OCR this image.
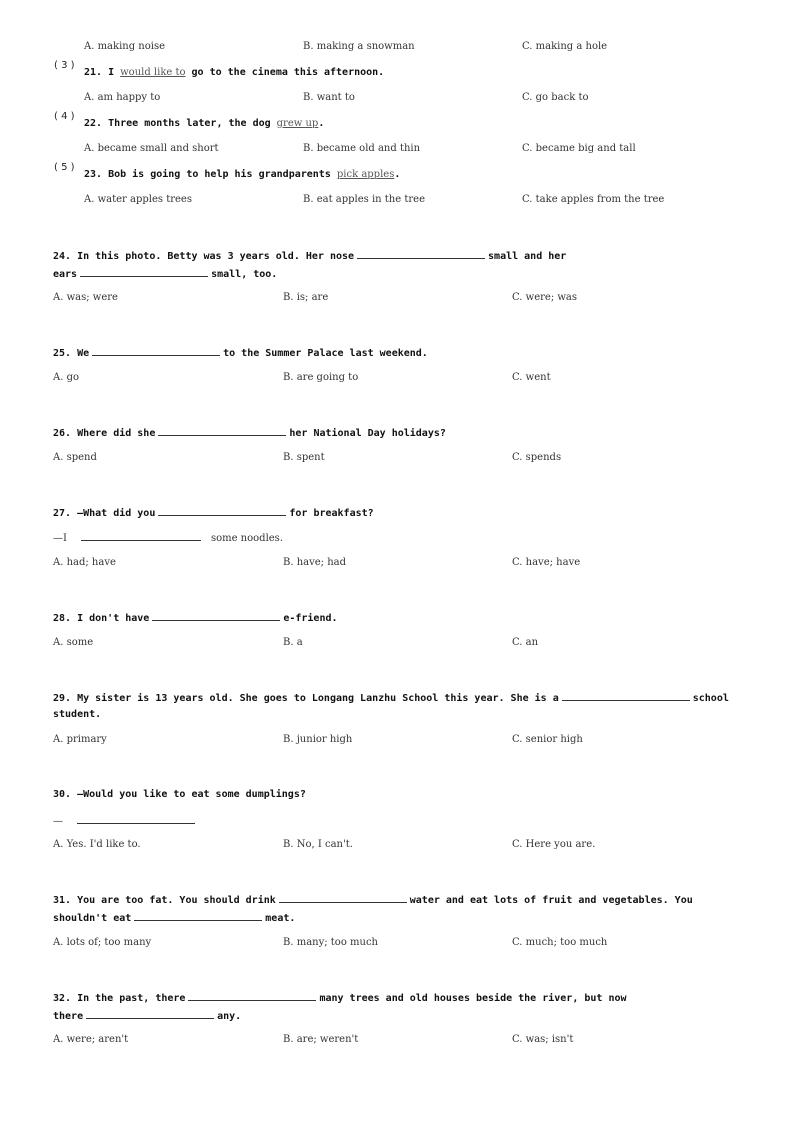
A. making noise	B. making a snowman	C. making a hole
( 3 )
21. I would like to go to the cinema this afternoon.
A. am happy to	B. want to	C. go back to
( 4 )
22. Three months later, the dog grew up.
A. became small and short	B. became old and thin	C. became big and tall
( 5 )
23. Bob is going to help his grandparents pick apples.
A. water apples trees	B. eat apples in the tree	C. take apples from the tree
24. In this photo. Betty was 3 years old. Her nose	small and her
ears	small, too.
A. was; were	B. is; are	C. were; was
25. We	to the Summer Palace last weekend.
A. go	B. are going to	C. went
26. Where did she	her National Day holidays?
A. spend	B. spent	C. spends
27. —What did you	for breakfast?
—I	some noodles.
A. had; have	B. have; had	C. have; have
28. I don't have	e-friend.
A. some	B. a	C. an
29. My sister is 13 years old. She goes to Longang Lanzhu School this year. She is a	school
student.
A. primary	B. junior high	C. senior high
30. —Would you like to eat some dumplings?
—
A. Yes. I'd like to.	B. No, I can't.	C. Here you are.
31. You are too fat. You should drink	water and eat lots of fruit and vegetables. You
shouldn't eat	meat.
A. lots of; too many	B. many; too much	C. much; too much
32. In the past, there	many trees and old houses beside the river, but now
there	any.
A. were; aren't	B. are; weren't	C. was; isn't
